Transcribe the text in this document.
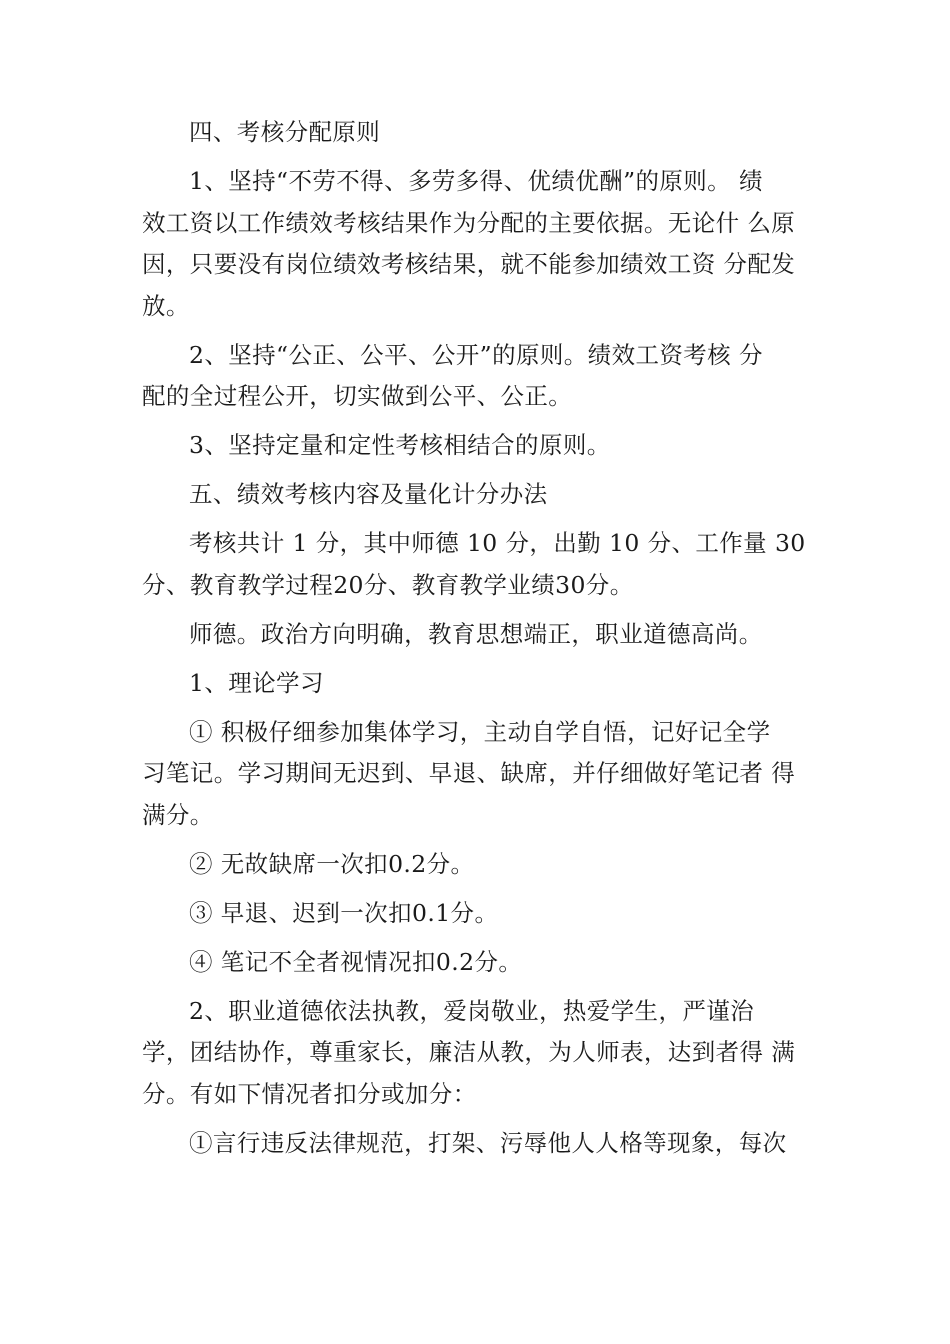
四、考核分配原则
1、坚持“不劳不得、多劳多得、优绩优酬”的原则。 绩
效工资以工作绩效考核结果作为分配的主要依据。无论什 么原
因，只要没有岗位绩效考核结果，就不能参加绩效工资 分配发
放。
2、坚持“公正、公平、公开”的原则。绩效工资考核 分
配的全过程公开，切实做到公平、公正。
3、坚持定量和定性考核相结合的原则。
五、绩效考核内容及量化计分办法
考核共计 1 分，其中师德 10 分，出勤 10 分、工作量 30
分、教育教学过程20分、教育教学业绩30分。
师德。政治方向明确，教育思想端正，职业道德高尚。
1、理论学习
① 积极仔细参加集体学习，主动自学自悟，记好记全学
习笔记。学习期间无迟到、早退、缺席，并仔细做好笔记者 得
满分。
② 无故缺席一次扣0.2分。
③ 早退、迟到一次扣0.1分。
④ 笔记不全者视情况扣0.2分。
2、职业道德依法执教，爱岗敬业，热爱学生，严谨治
学，团结协作，尊重家长，廉洁从教，为人师表，达到者得 满
分。有如下情况者扣分或加分：
①言行违反法律规范，打架、污辱他人人格等现象，每次
